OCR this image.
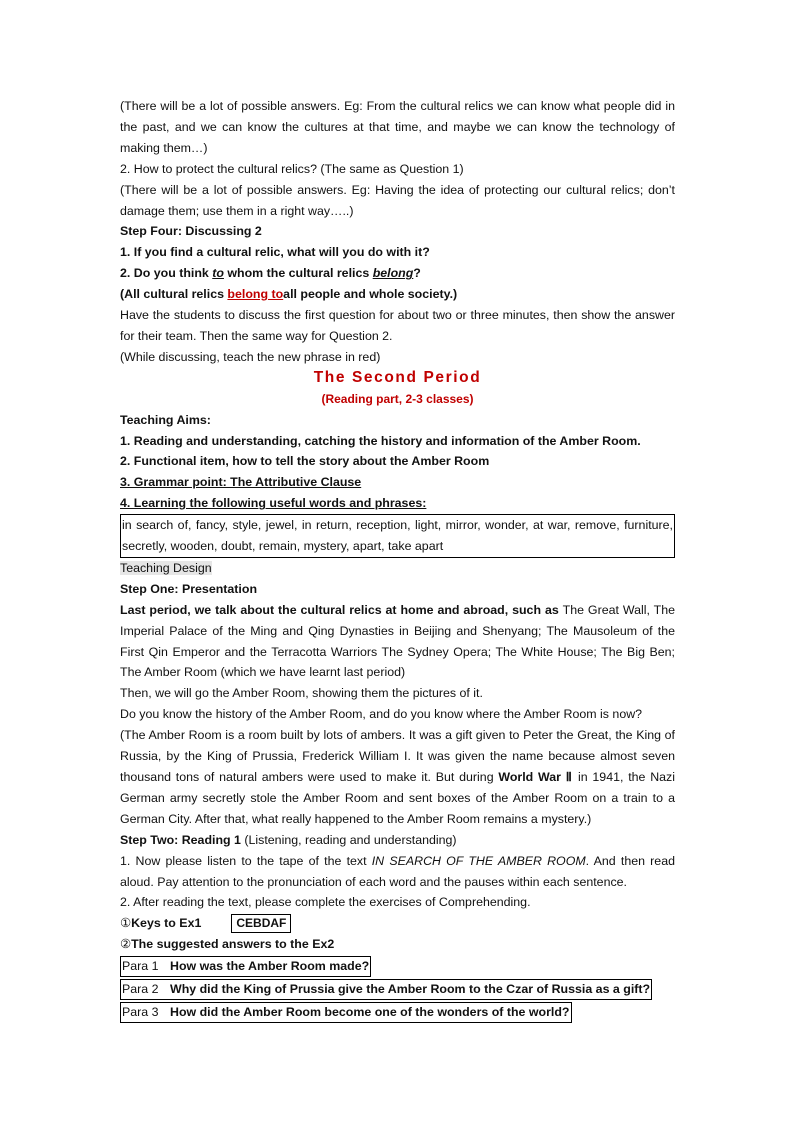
(There will be a lot of possible answers. Eg: From the cultural relics we can know what people did in the past, and we can know the cultures at that time, and maybe we can know the technology of making them…)

2. How to protect the cultural relics? (The same as Question 1)

(There will be a lot of possible answers. Eg: Having the idea of protecting our cultural relics; don’t damage them; use them in a right way…..)

Step Four: Discussing 2

1. If you find a cultural relic, what will you do with it?

2. Do you think to whom the cultural relics belong?

(All cultural relics belong toall people and whole society.)

Have the students to discuss the first question for about two or three minutes, then show the answer for their team. Then the same way for Question 2.

(While discussing, teach the new phrase in red)

The Second Period

(Reading part, 2-3 classes)

Teaching Aims:

1. Reading and understanding, catching the history and information of the Amber Room.

2. Functional item, how to tell the story about the Amber Room

3. Grammar point: The Attributive Clause

4. Learning the following useful words and phrases:

in search of, fancy, style, jewel, in return, reception, light, mirror, wonder, at war, remove, furniture, secretly, wooden, doubt, remain, mystery, apart, take apart

Teaching Design

Step One: Presentation

Last period, we talk about the cultural relics at home and abroad, such as The Great Wall, The Imperial Palace of the Ming and Qing Dynasties in Beijing and Shenyang; The Mausoleum of the First Qin Emperor and the Terracotta Warriors The Sydney Opera; The White House; The Big Ben; The Amber Room (which we have learnt last period)

Then, we will go the Amber Room, showing them the pictures of it.

Do you know the history of the Amber Room, and do you know where the Amber Room is now?

(The Amber Room is a room built by lots of ambers. It was a gift given to Peter the Great, the King of Russia, by the King of Prussia, Frederick William I. It was given the name because almost seven thousand tons of natural ambers were used to make it. But during World War Ⅱ in 1941, the Nazi German army secretly stole the Amber Room and sent boxes of the Amber Room on a train to a German City. After that, what really happened to the Amber Room remains a mystery.)

Step Two: Reading 1 (Listening, reading and understanding)

1. Now please listen to the tape of the text IN SEARCH OF THE AMBER ROOM. And then read aloud. Pay attention to the pronunciation of each word and the pauses within each sentence.

2. After reading the text, please complete the exercises of Comprehending.

① Keys to Ex1	CEBDAF

②The suggested answers to the Ex2

Para 1 How was the Amber Room made?
Para 2 Why did the King of Prussia give the Amber Room to the Czar of Russia as a gift?
Para 3 How did the Amber Room become one of the wonders of the world?
